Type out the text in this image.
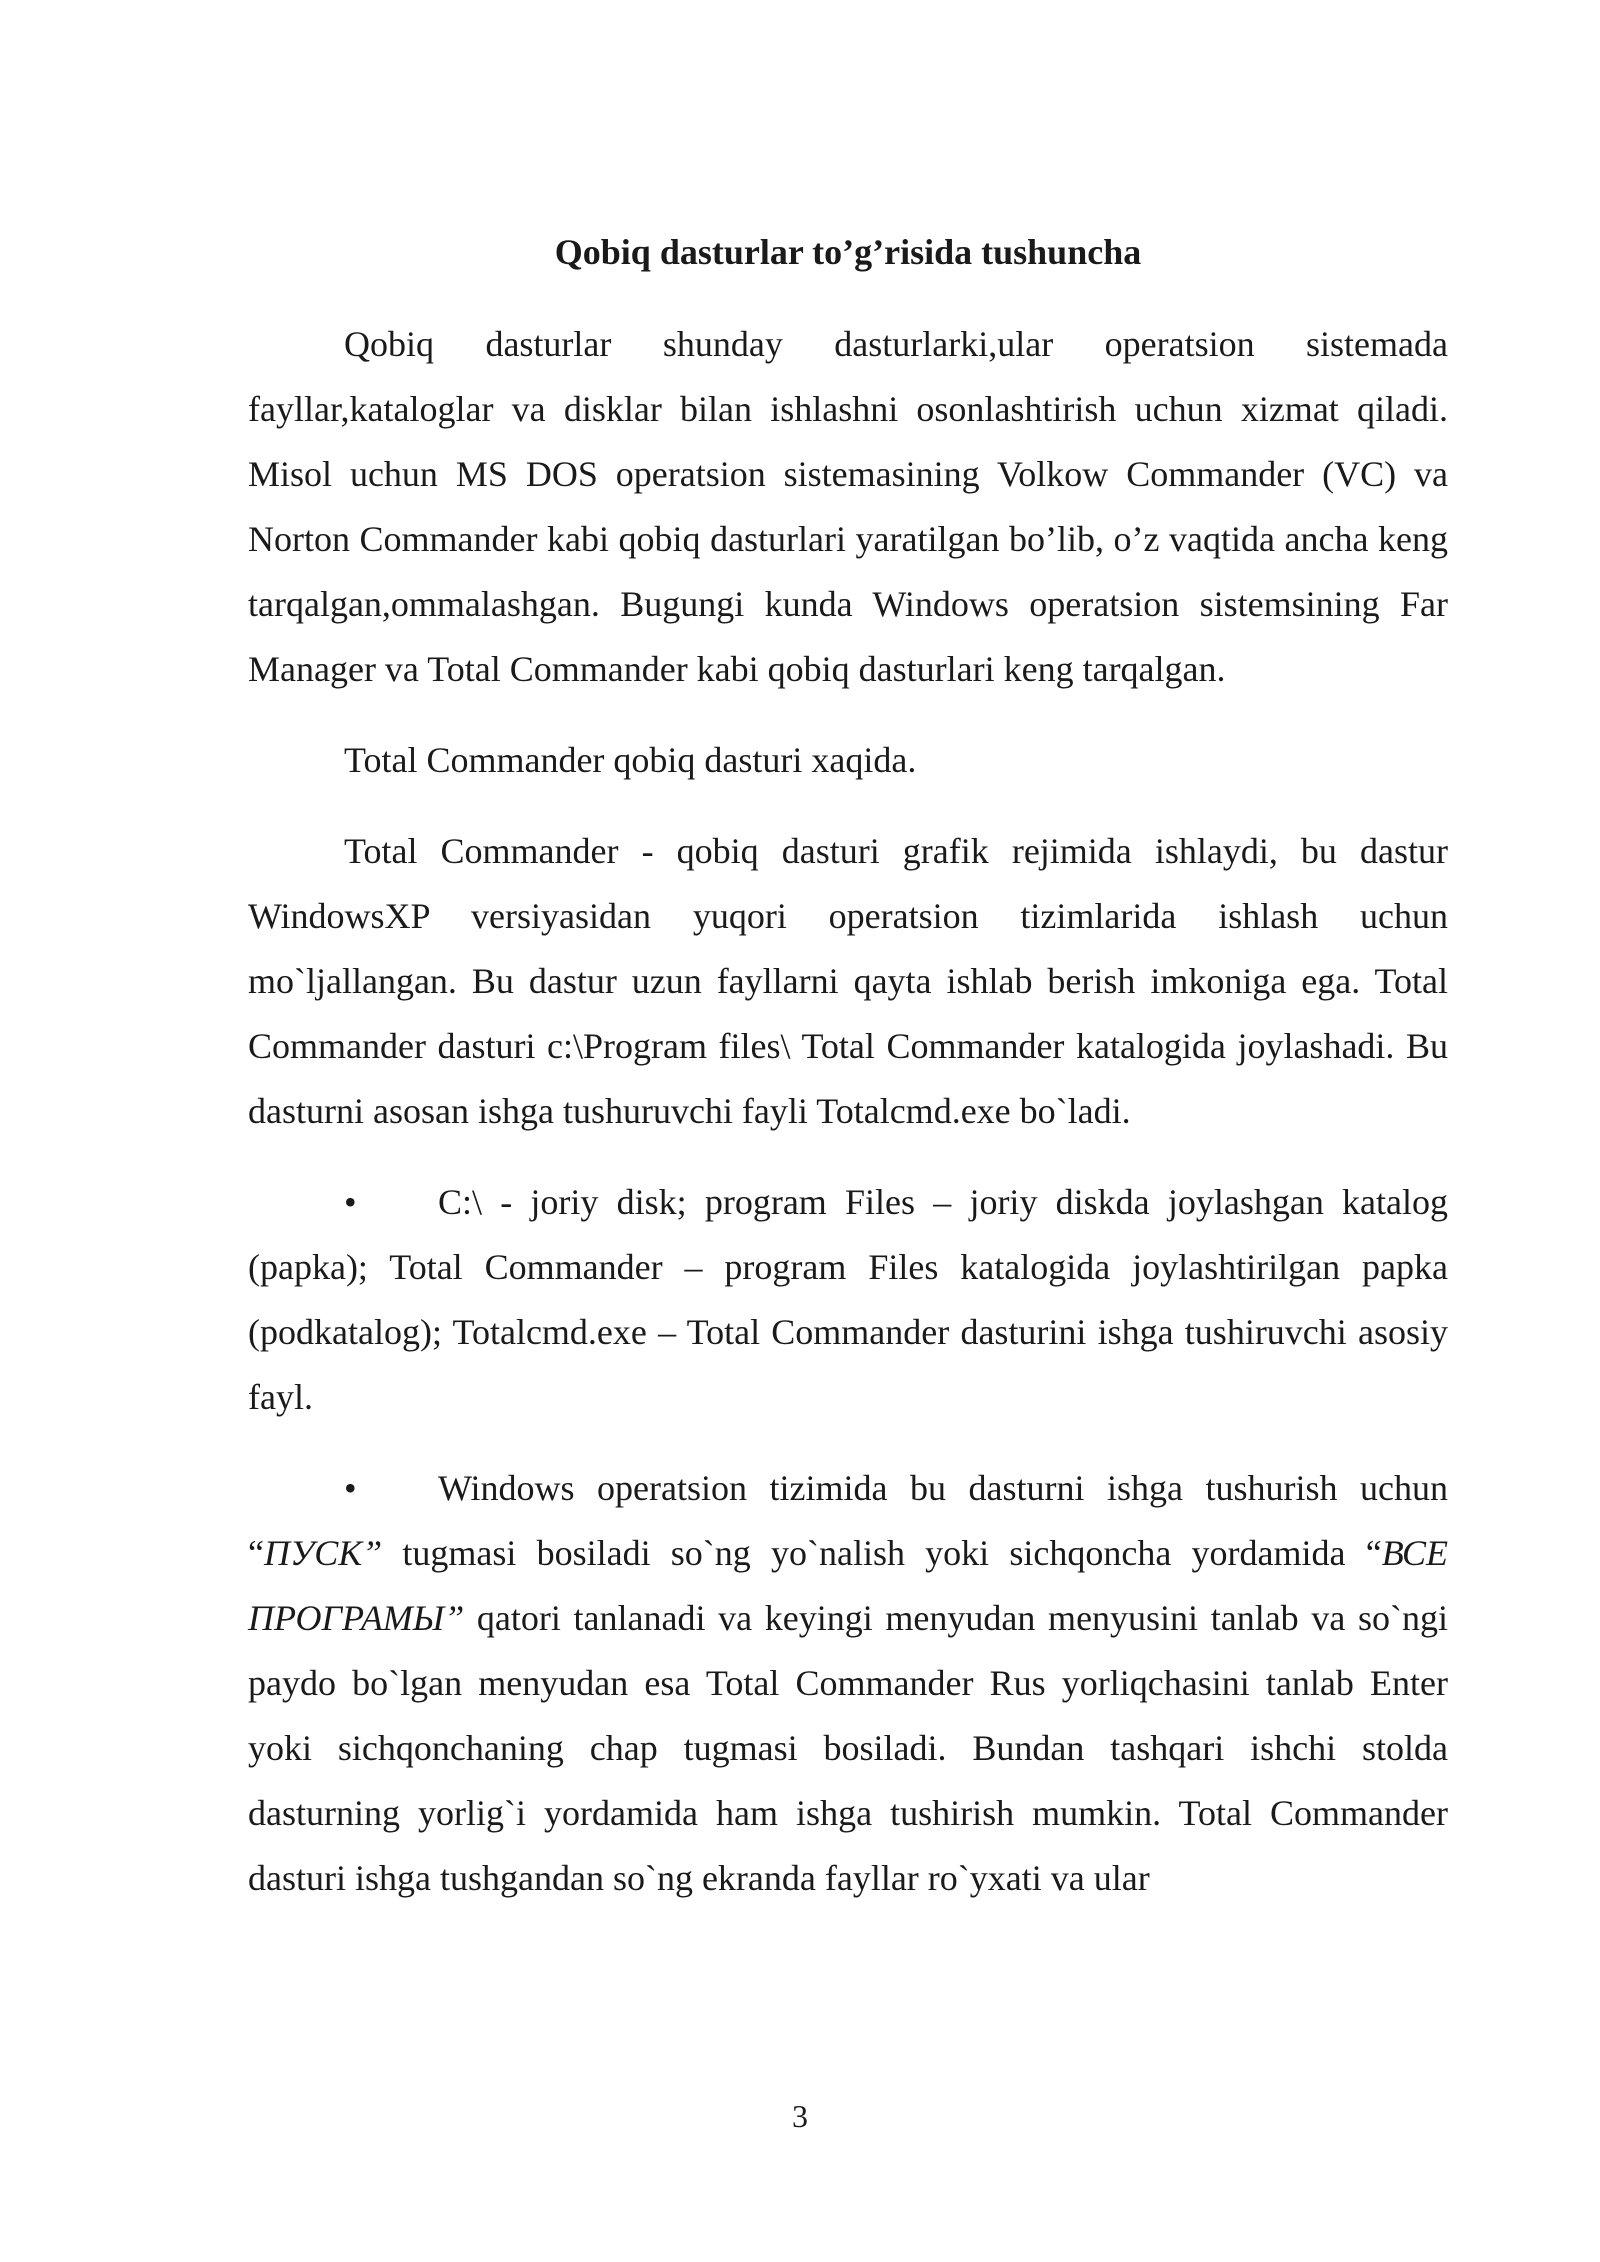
Qobiq dasturlar to’g’risida tushuncha

Qobiq dasturlar shunday dasturlarki,ular operatsion sistemada fayllar,kataloglar va disklar bilan ishlashni osonlashtirish uchun xizmat qiladi. Misol uchun MS DOS operatsion sistemasining Volkow Commander (VC) va Norton Commander kabi qobiq dasturlari yaratilgan bo’lib, o’z vaqtida ancha keng tarqalgan,ommalashgan. Bugungi kunda Windows operatsion sistemsining Far Manager va Total Commander kabi qobiq dasturlari keng tarqalgan.

Total Commander qobiq dasturi xaqida.

Total Commander - qobiq dasturi grafik rejimida ishlaydi, bu dastur WindowsXP versiyasidan yuqori operatsion tizimlarida ishlash uchun mo`ljallangan. Bu dastur uzun fayllarni qayta ishlab berish imkoniga ega. Total Commander dasturi c:\Program files\ Total Commander katalogida joylashadi. Bu dasturni asosan ishga tushuruvchi fayli Totalcmd.exe bo`ladi.

• C:\ - joriy disk; program Files – joriy diskda joylashgan katalog (papka); Total Commander – program Files katalogida joylashtirilgan papka (podkatalog); Totalcmd.exe – Total Commander dasturini ishga tushiruvchi asosiy fayl.

• Windows operatsion tizimida bu dasturni ishga tushurish uchun “ПУСК” tugmasi bosiladi so`ng yo`nalish yoki sichqoncha yordamida “ВСЕ ПРОГРАМЫ” qatori tanlanadi va keyingi menyudan menyusini tanlab va so`ngi paydo bo`lgan menyudan esa Total Commander Rus yorliqchasini tanlab Enter yoki sichqonchaning chap tugmasi bosiladi. Bundan tashqari ishchi stolda dasturning yorlig`i yordamida ham ishga tushirish mumkin. Total Commander dasturi ishga tushgandan so`ng ekranda fayllar ro`yxati va ular

3
